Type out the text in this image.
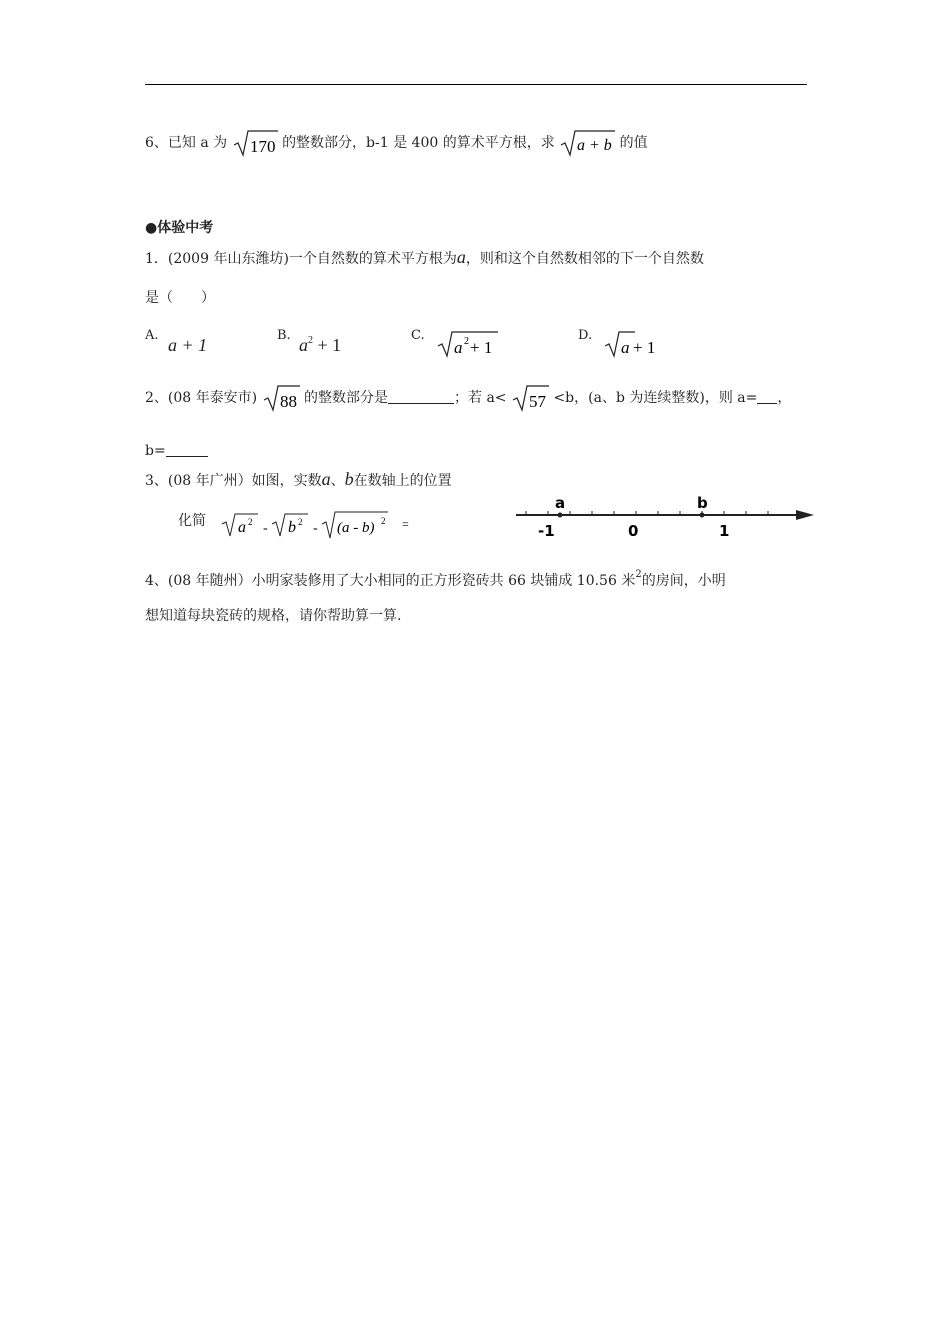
6、已知 a 为 170 的整数部分，b-1 是 400 的算术平方根，求 a + b 的值
●体验中考
1．(2009 年山东潍坊)一个自然数的算术平方根为a，则和这个自然数相邻的下一个自然数
是（　　）
A. a + 1	B. $a^2 + 1$	C.
a 2 + 1
D.
a + 1
2、(08 年泰安市) 88 的整数部分是	；若 a< 57 <b，(a、b 为连续整数)，则 a= ，
b=
3、(08 年广州）如图，实数a、b在数轴上的位置
化简 a 2 - b 2 - (a - b) 2 =
a	b
-1	0	1
4、(08 年随州）小明家装修用了大小相同的正方形瓷砖共 66 块铺成 10.56 米$^2$的房间，小明
想知道每块瓷砖的规格，请你帮助算一算.
